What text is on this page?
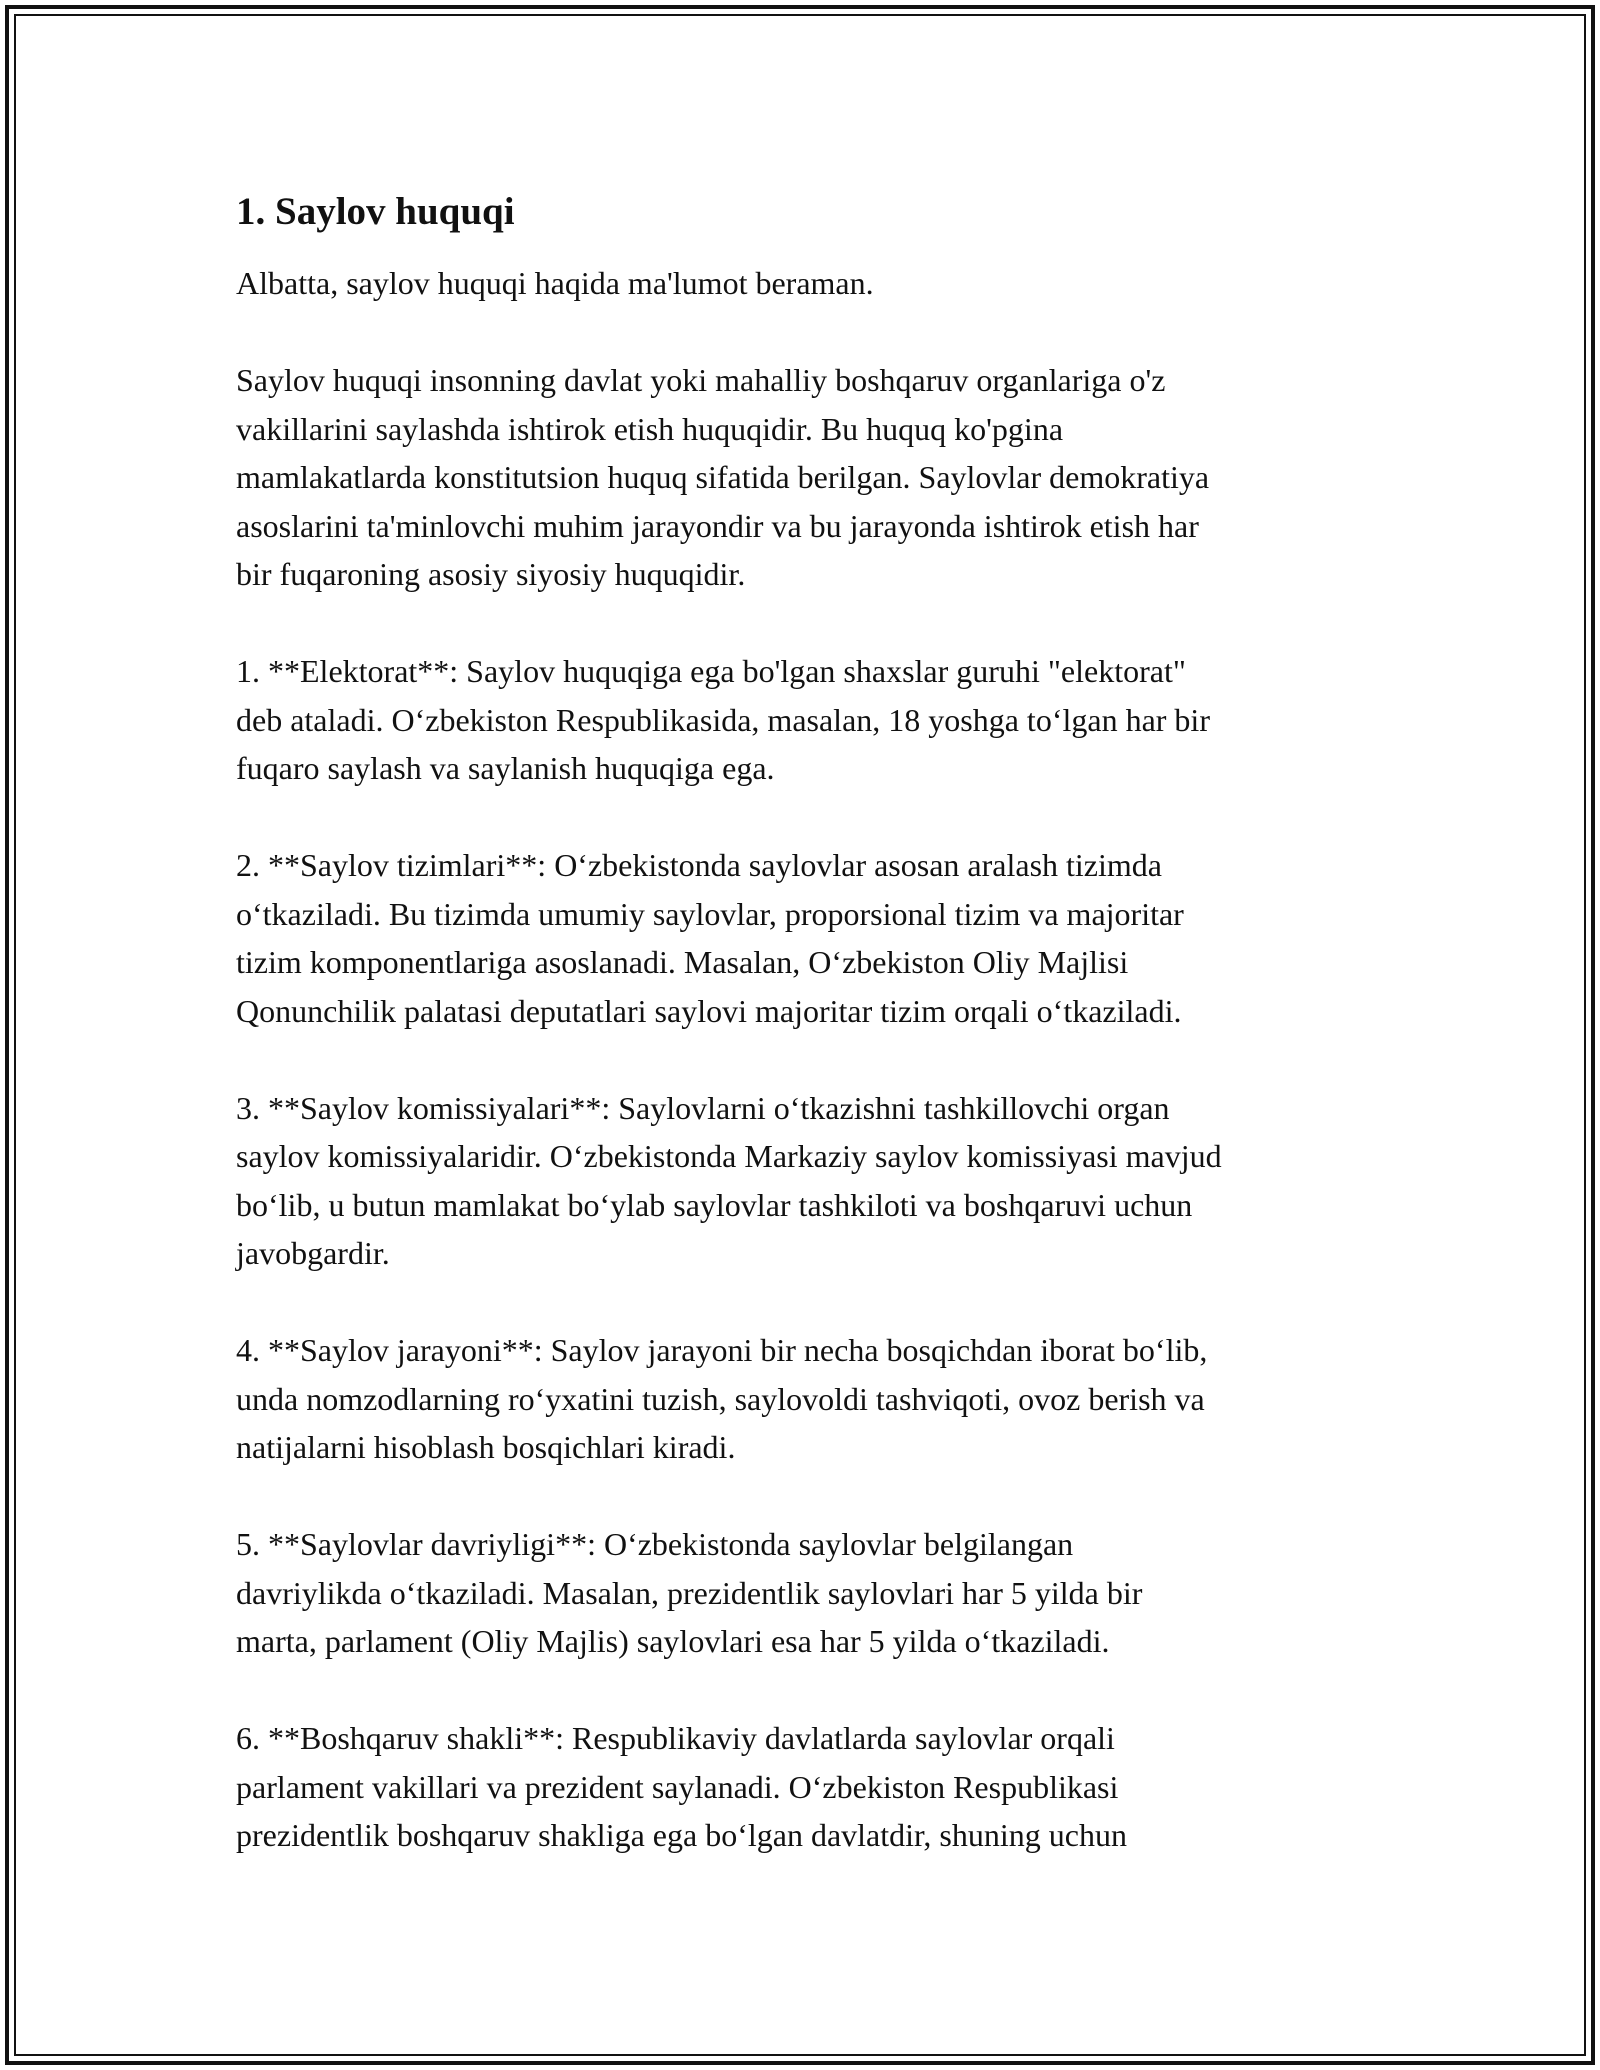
1. Saylov huquqi

Albatta, saylov huquqi haqida ma'lumot beraman.

Saylov huquqi insonning davlat yoki mahalliy boshqaruv organlariga o'z
vakillarini saylashda ishtirok etish huquqidir. Bu huquq ko'pgina
mamlakatlarda konstitutsion huquq sifatida berilgan. Saylovlar demokratiya
asoslarini ta'minlovchi muhim jarayondir va bu jarayonda ishtirok etish har
bir fuqaroning asosiy siyosiy huquqidir.

1. **Elektorat**: Saylov huquqiga ega bo'lgan shaxslar guruhi "elektorat"
deb ataladi. O‘zbekiston Respublikasida, masalan, 18 yoshga to‘lgan har bir
fuqaro saylash va saylanish huquqiga ega.

2. **Saylov tizimlari**: O‘zbekistonda saylovlar asosan aralash tizimda
o‘tkaziladi. Bu tizimda umumiy saylovlar, proporsional tizim va majoritar
tizim komponentlariga asoslanadi. Masalan, O‘zbekiston Oliy Majlisi
Qonunchilik palatasi deputatlari saylovi majoritar tizim orqali o‘tkaziladi.

3. **Saylov komissiyalari**: Saylovlarni o‘tkazishni tashkillovchi organ
saylov komissiyalaridir. O‘zbekistonda Markaziy saylov komissiyasi mavjud
bo‘lib, u butun mamlakat bo‘ylab saylovlar tashkiloti va boshqaruvi uchun
javobgardir.

4. **Saylov jarayoni**: Saylov jarayoni bir necha bosqichdan iborat bo‘lib,
unda nomzodlarning ro‘yxatini tuzish, saylovoldi tashviqoti, ovoz berish va
natijalarni hisoblash bosqichlari kiradi.

5. **Saylovlar davriyligi**: O‘zbekistonda saylovlar belgilangan
davriylikda o‘tkaziladi. Masalan, prezidentlik saylovlari har 5 yilda bir
marta, parlament (Oliy Majlis) saylovlari esa har 5 yilda o‘tkaziladi.

6. **Boshqaruv shakli**: Respublikaviy davlatlarda saylovlar orqali
parlament vakillari va prezident saylanadi. O‘zbekiston Respublikasi
prezidentlik boshqaruv shakliga ega bo‘lgan davlatdir, shuning uchun
